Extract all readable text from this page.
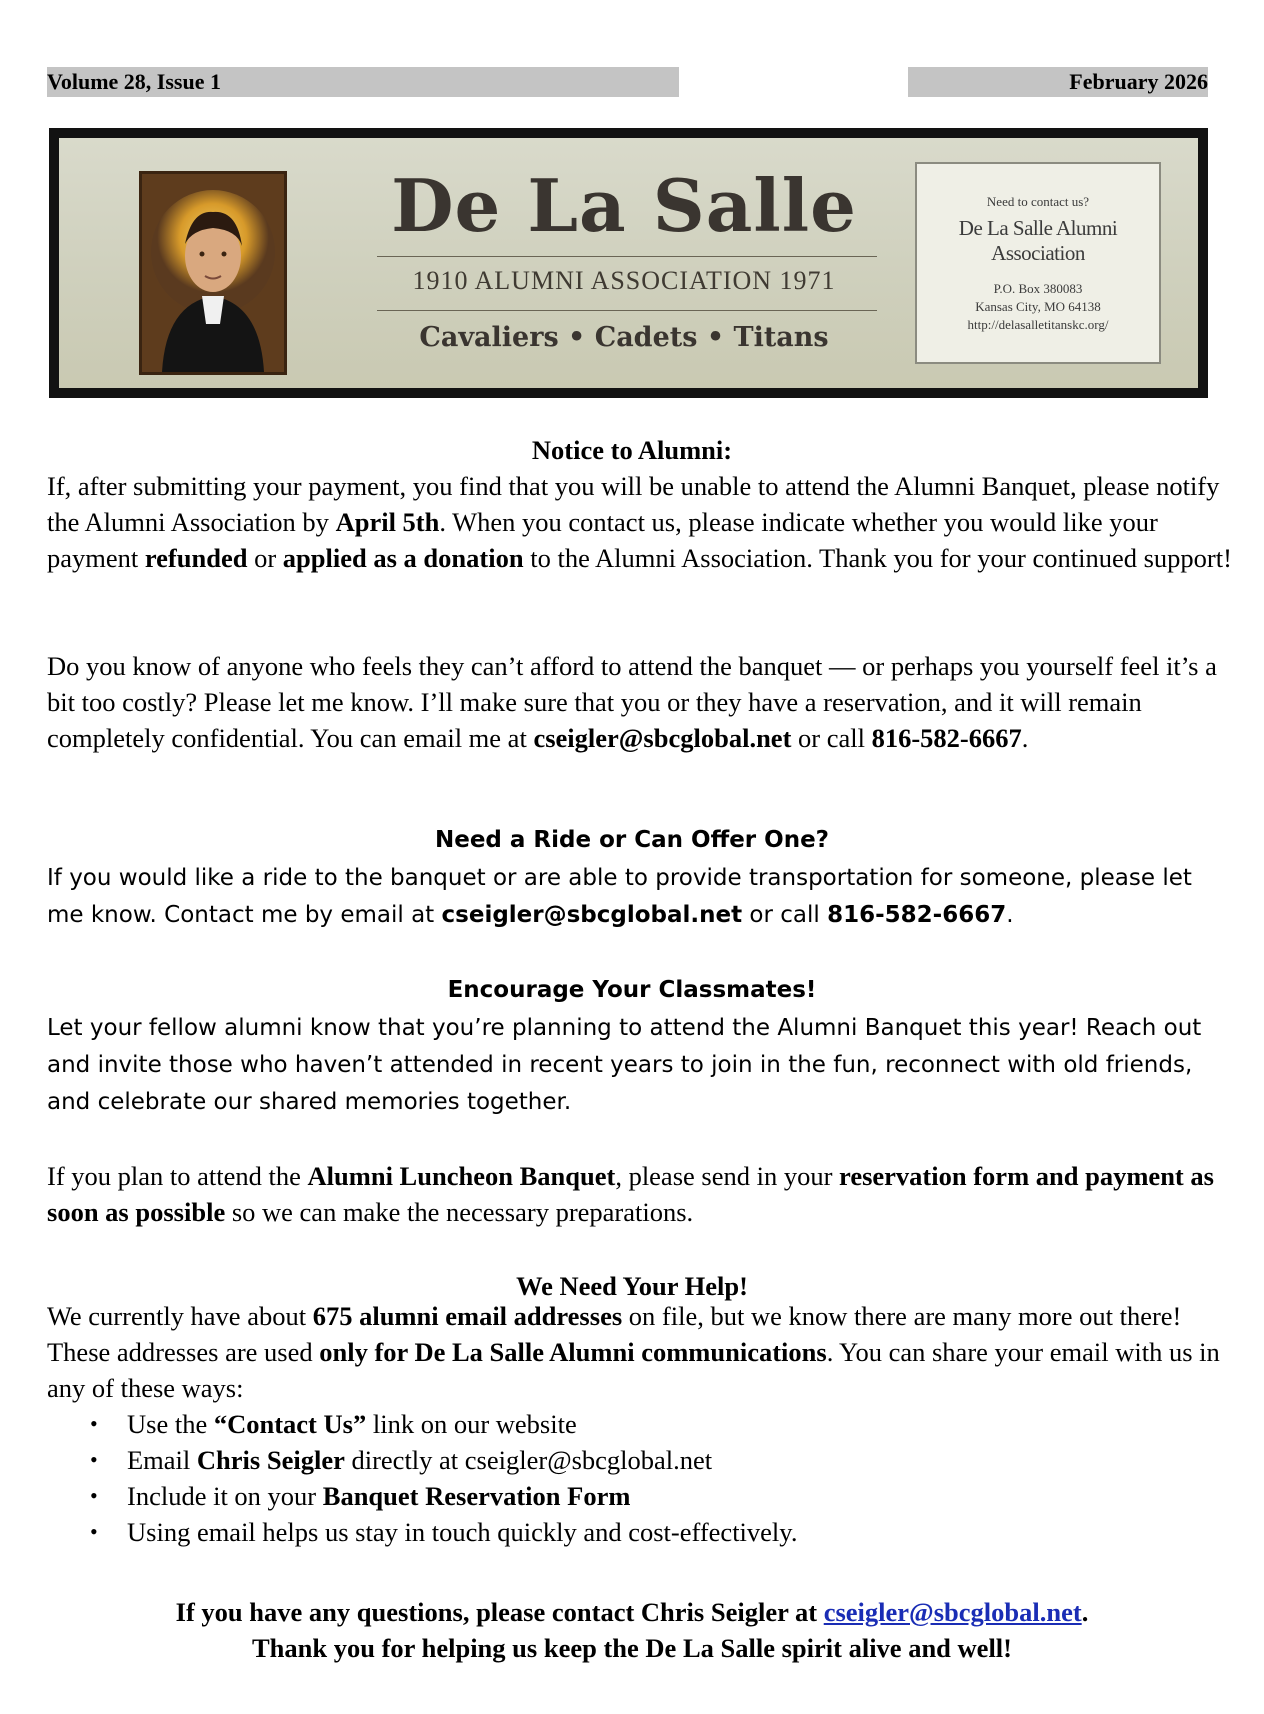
Volume 28, Issue 1	February 2026
De La Salle
1910 ALUMNI ASSOCIATION 1971
Cavaliers • Cadets • Titans
Need to contact us?
De La Salle Alumni Association
P.O. Box 380083
Kansas City, MO 64138
http://delasalletitanskc.org/
Notice to Alumni:

If, after submitting your payment, you find that you will be unable to attend the Alumni Banquet, please notify the Alumni Association by April 5th. When you contact us, please indicate whether you would like your payment refunded or applied as a donation to the Alumni Association. Thank you for your continued support!

Do you know of anyone who feels they can’t afford to attend the banquet — or perhaps you yourself feel it’s a bit too costly? Please let me know. I’ll make sure that you or they have a reservation, and it will remain completely confidential. You can email me at cseigler@sbcglobal.net or call 816-582-6667.

Need a Ride or Can Offer One?

If you would like a ride to the banquet or are able to provide transportation for someone, please let me know. Contact me by email at cseigler@sbcglobal.net or call 816-582-6667.

Encourage Your Classmates!

Let your fellow alumni know that you’re planning to attend the Alumni Banquet this year! Reach out and invite those who haven’t attended in recent years to join in the fun, reconnect with old friends, and celebrate our shared memories together.

If you plan to attend the Alumni Luncheon Banquet, please send in your reservation form and payment as soon as possible so we can make the necessary preparations.

We Need Your Help!

We currently have about 675 alumni email addresses on file, but we know there are many more out there! These addresses are used only for De La Salle Alumni communications. You can share your email with us in any of these ways:

• Use the “Contact Us” link on our website
• Email Chris Seigler directly at cseigler@sbcglobal.net
• Include it on your Banquet Reservation Form
• Using email helps us stay in touch quickly and cost-effectively.
If you have any questions, please contact Chris Seigler at cseigler@sbcglobal.net.
Thank you for helping us keep the De La Salle spirit alive and well!
